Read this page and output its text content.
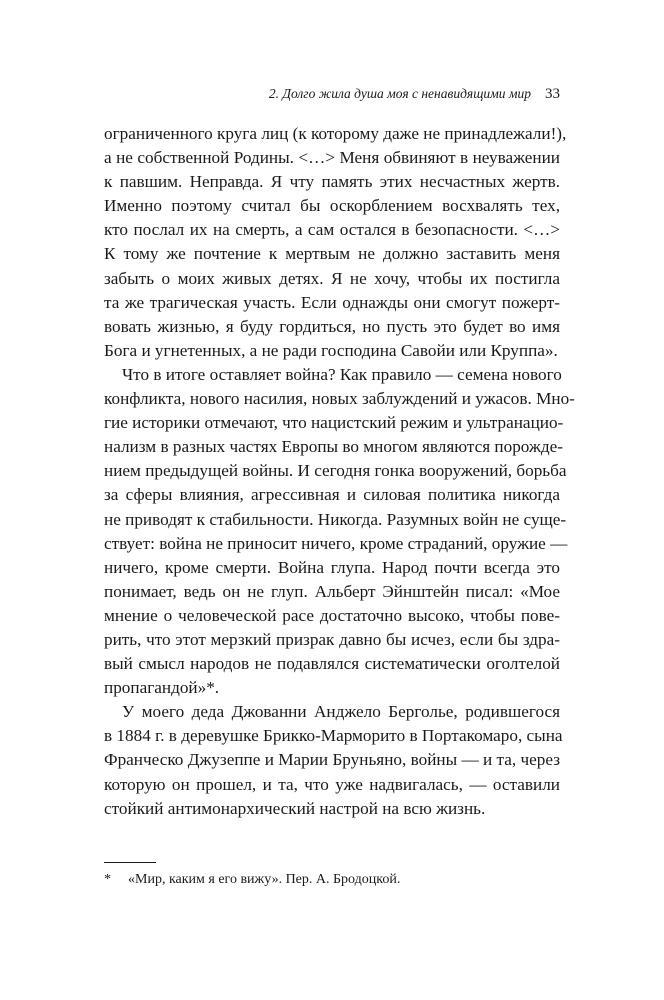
2. Долго жила душа моя с ненавидящими мир 33
ограниченного круга лиц (к которому даже не принадлежали!),
а не собственной Родины. <…> Меня обвиняют в неуважении
к павшим. Неправда. Я чту память этих несчастных жертв.
Именно поэтому считал бы оскорблением восхвалять тех,
кто послал их на смерть, а сам остался в безопасности. <…>
К тому же почтение к мертвым не должно заставить меня
забыть о моих живых детях. Я не хочу, чтобы их постигла
та же трагическая участь. Если однажды они смогут пожерт-
вовать жизнью, я буду гордиться, но пусть это будет во имя
Бога и угнетенных, а не ради господина Савойи или Круппа».
Что в итоге оставляет война? Как правило — семена нового
конфликта, нового насилия, новых заблуждений и ужасов. Мно-
гие историки отмечают, что нацистский режим и ультранацио-
нализм в разных частях Европы во многом являются порожде-
нием предыдущей войны. И сегодня гонка вооружений, борьба
за сферы влияния, агрессивная и силовая политика никогда
не приводят к стабильности. Никогда. Разумных войн не суще-
ствует: война не приносит ничего, кроме страданий, оружие —
ничего, кроме смерти. Война глупа. Народ почти всегда это
понимает, ведь он не глуп. Альберт Эйнштейн писал: «Мое
мнение о человеческой расе достаточно высоко, чтобы пове-
рить, что этот мерзкий призрак давно бы исчез, если бы здра-
вый смысл народов не подавлялся систематически оголтелой
пропагандой»*.
У моего деда Джованни Анджело Берголье, родившегося
в 1884 г. в деревушке Брикко-Марморито в Портакомаро, сына
Франческо Джузеппе и Марии Бруньяно, войны — и та, через
которую он прошел, и та, что уже надвигалась, — оставили
стойкий антимонархический настрой на всю жизнь.
* «Мир, каким я его вижу». Пер. А. Бродоцкой.
